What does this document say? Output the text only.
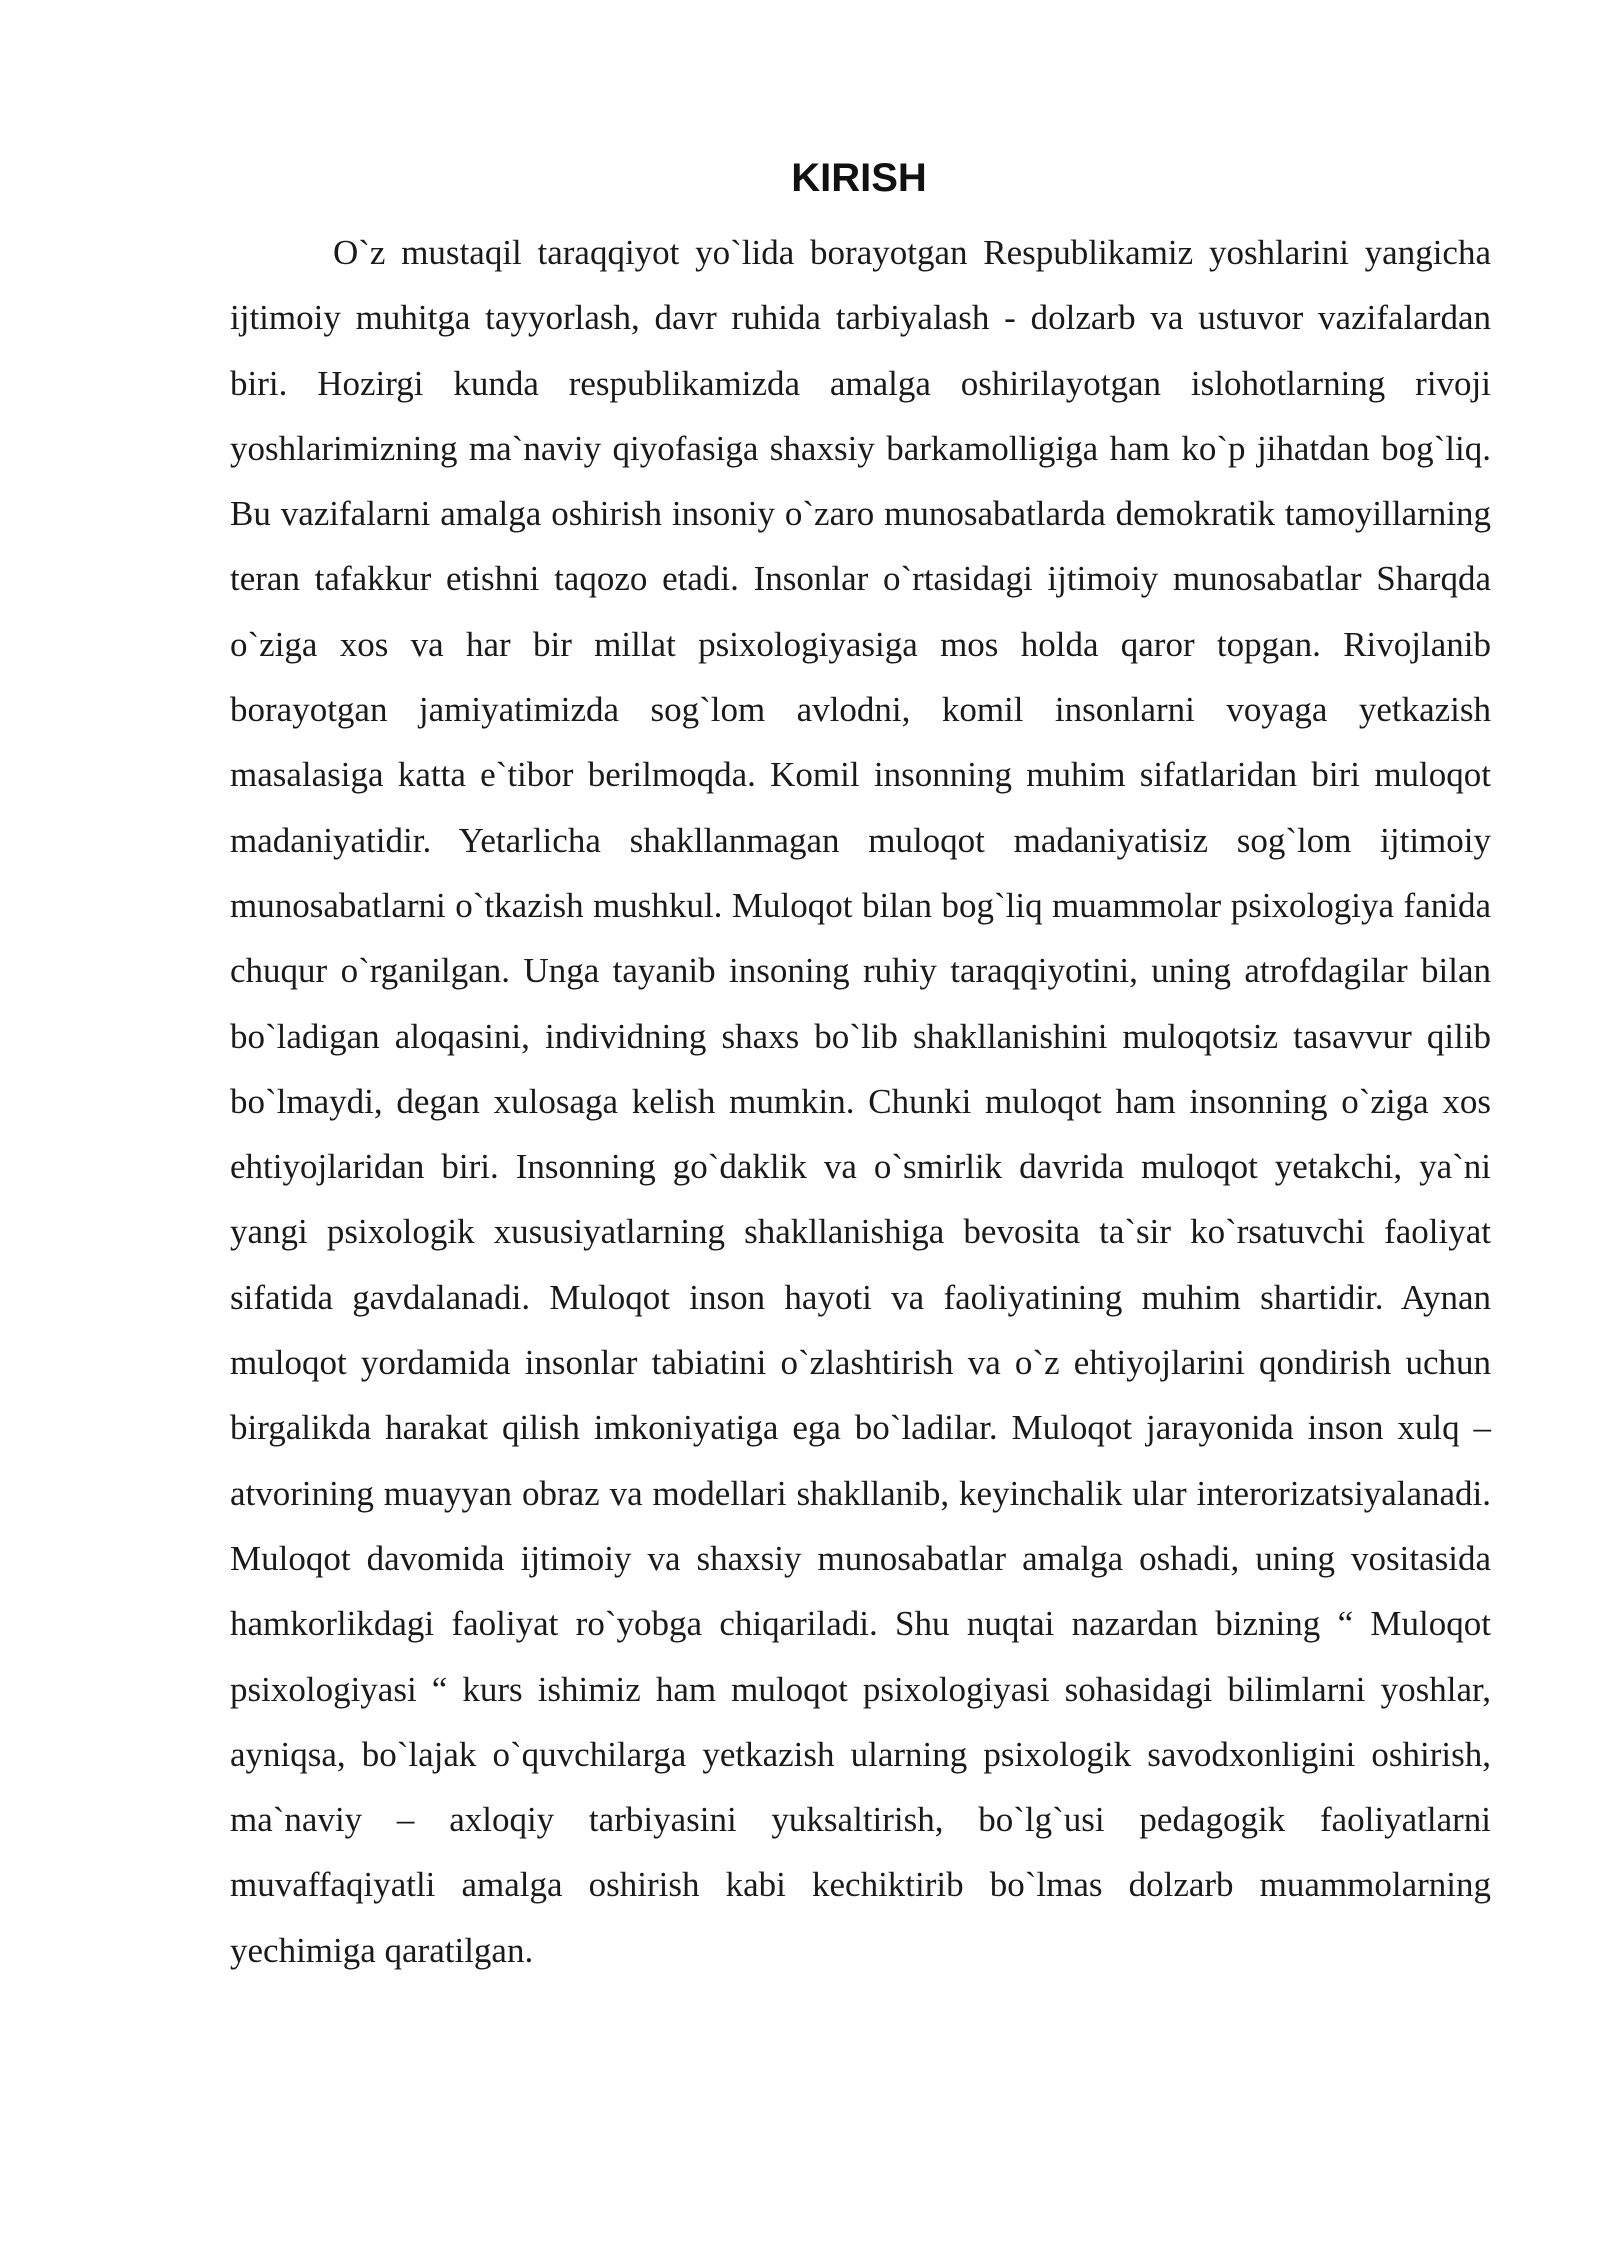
KIRISH

O`z mustaqil taraqqiyot yo`lida borayotgan Respublikamiz yoshlarini yangicha ijtimoiy muhitga tayyorlash, davr ruhida tarbiyalash - dolzarb va ustuvor vazifalardan biri. Hozirgi kunda respublikamizda amalga oshirilayotgan islohotlarning rivoji yoshlarimizning ma`naviy qiyofasiga shaxsiy barkamolligiga ham ko`p jihatdan bog`liq. Bu vazifalarni amalga oshirish insoniy o`zaro munosabatlarda demokratik tamoyillarning teran tafakkur etishni taqozo etadi. Insonlar o`rtasidagi ijtimoiy munosabatlar Sharqda o`ziga xos va har bir millat psixologiyasiga mos holda qaror topgan. Rivojlanib borayotgan jamiyatimizda sog`lom avlodni, komil insonlarni voyaga yetkazish masalasiga katta e`tibor berilmoqda. Komil insonning muhim sifatlaridan biri muloqot madaniyatidir. Yetarlicha shakllanmagan muloqot madaniyatisiz sog`lom ijtimoiy munosabatlarni o`tkazish mushkul. Muloqot bilan bog`liq muammolar psixologiya fanida chuqur o`rganilgan. Unga tayanib insoning ruhiy taraqqiyotini, uning atrofdagilar bilan bo`ladigan aloqasini, individning shaxs bo`lib shakllanishini muloqotsiz tasavvur qilib bo`lmaydi, degan xulosaga kelish mumkin. Chunki muloqot ham insonning o`ziga xos ehtiyojlaridan biri. Insonning go`daklik va o`smirlik davrida muloqot yetakchi, ya`ni yangi psixologik xususiyatlarning shakllanishiga bevosita ta`sir ko`rsatuvchi faoliyat sifatida gavdalanadi. Muloqot inson hayoti va faoliyatining muhim shartidir. Aynan muloqot yordamida insonlar tabiatini o`zlashtirish va o`z ehtiyojlarini qondirish uchun birgalikda harakat qilish imkoniyatiga ega bo`ladilar. Muloqot jarayonida inson xulq – atvorining muayyan obraz va modellari shakllanib, keyinchalik ular interorizatsiyalanadi. Muloqot davomida ijtimoiy va shaxsiy munosabatlar amalga oshadi, uning vositasida hamkorlikdagi faoliyat ro`yobga chiqariladi. Shu nuqtai nazardan bizning “ Muloqot psixologiyasi “ kurs ishimiz ham muloqot psixologiyasi sohasidagi bilimlarni yoshlar, ayniqsa, bo`lajak o`quvchilarga yetkazish ularning psixologik savodxonligini oshirish, ma`naviy – axloqiy tarbiyasini yuksaltirish, bo`lg`usi pedagogik faoliyatlarni muvaffaqiyatli amalga oshirish kabi kechiktirib bo`lmas dolzarb muammolarning yechimiga qaratilgan.
